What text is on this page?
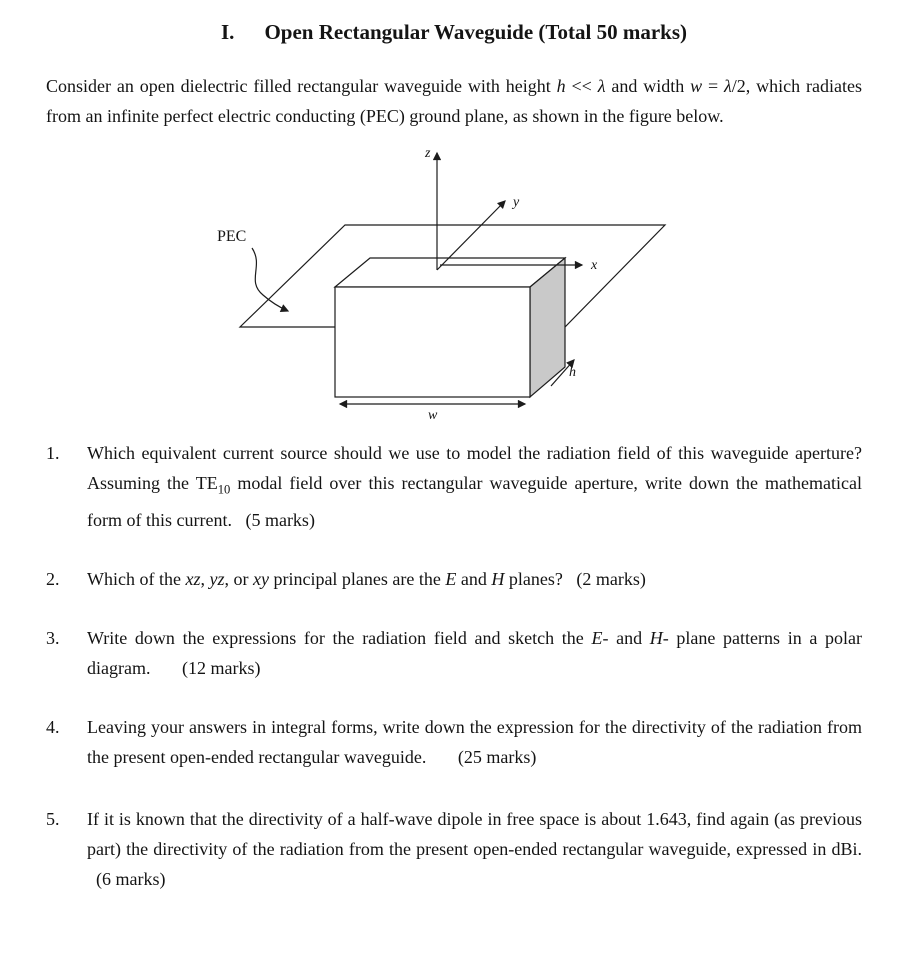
I. Open Rectangular Waveguide (Total 50 marks)

Consider an open dielectric filled rectangular waveguide with height h << λ and width w = λ/2, which radiates from an infinite perfect electric conducting (PEC) ground plane, as shown in the figure below.

z
y
x
w
h
PEC
1.	Which equivalent current source should we use to model the radiation field of this waveguide aperture? Assuming the $TE_{10}$ modal field over this rectangular waveguide aperture, write down the mathematical form of this current.   (5 marks)
2.	Which of the xz, yz, or xy principal planes are the E and H planes?   (2 marks)
3.	Write down the expressions for the radiation field and sketch the E- and H- plane patterns in a polar diagram.       (12 marks)
4.	Leaving your answers in integral forms, write down the expression for the directivity of the radiation from the present open-ended rectangular waveguide.       (25 marks)
5.	If it is known that the directivity of a half-wave dipole in free space is about 1.643, find again (as previous part) the directivity of the radiation from the present open-ended rectangular waveguide, expressed in dBi.   (6 marks)
